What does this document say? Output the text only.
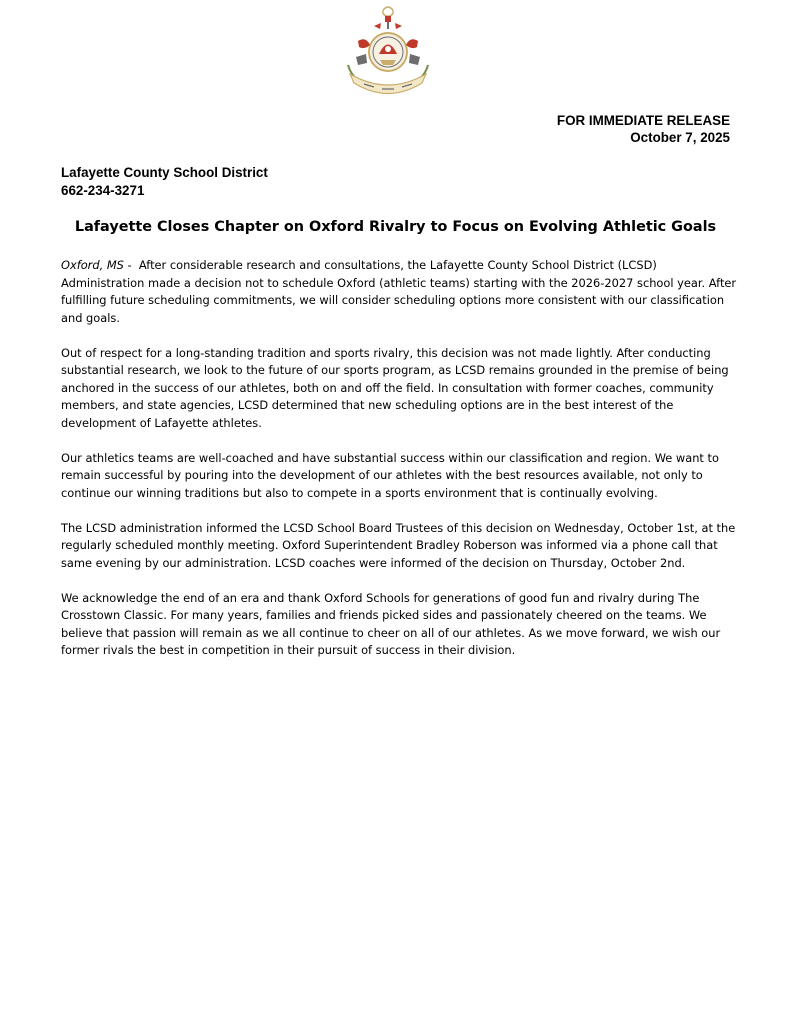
FOR IMMEDIATE RELEASE
October 7, 2025
Lafayette County School District
662-234-3271
Lafayette Closes Chapter on Oxford Rivalry to Focus on Evolving Athletic Goals

Oxford, MS -  After considerable research and consultations, the Lafayette County School District (LCSD) Administration made a decision not to schedule Oxford (athletic teams) starting with the 2026-2027 school year. After fulfilling future scheduling commitments, we will consider scheduling options more consistent with our classification and goals.

Out of respect for a long-standing tradition and sports rivalry, this decision was not made lightly. After conducting substantial research, we look to the future of our sports program, as LCSD remains grounded in the premise of being anchored in the success of our athletes, both on and off the field. In consultation with former coaches, community members, and state agencies, LCSD determined that new scheduling options are in the best interest of the development of Lafayette athletes.

Our athletics teams are well-coached and have substantial success within our classification and region. We want to remain successful by pouring into the development of our athletes with the best resources available, not only to continue our winning traditions but also to compete in a sports environment that is continually evolving.

The LCSD administration informed the LCSD School Board Trustees of this decision on Wednesday, October 1st, at the regularly scheduled monthly meeting. Oxford Superintendent Bradley Roberson was informed via a phone call that same evening by our administration. LCSD coaches were informed of the decision on Thursday, October 2nd.

We acknowledge the end of an era and thank Oxford Schools for generations of good fun and rivalry during The Crosstown Classic. For many years, families and friends picked sides and passionately cheered on the teams. We believe that passion will remain as we all continue to cheer on all of our athletes. As we move forward, we wish our former rivals the best in competition in their pursuit of success in their division.
